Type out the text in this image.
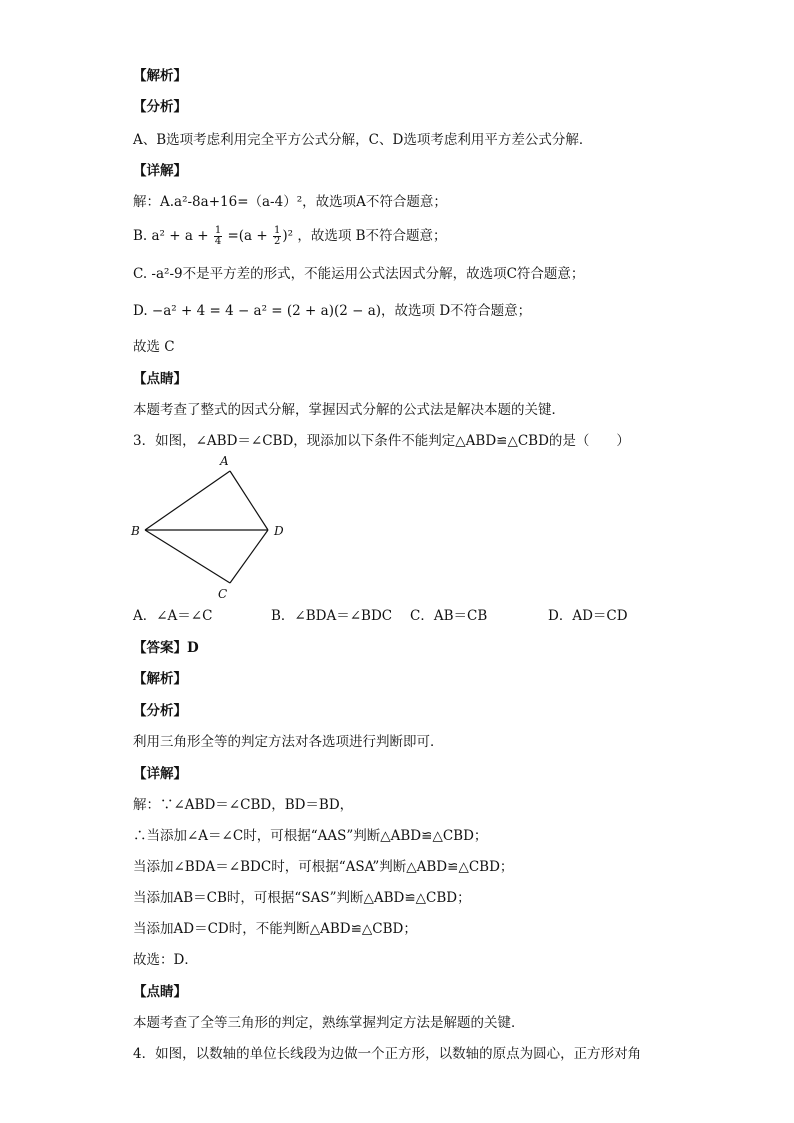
【解析】
【分析】
A、B选项考虑利用完全平方公式分解，C、D选项考虑利用平方差公式分解．
【详解】
解：A.a²-8a+16=（a-4）²，故选项A不符合题意；
B. $a^2 + a + \frac{1}{4} =(a + \frac{1}{2} )^2$ ，故选项 B不符合题意；
C. -a²-9不是平方差的形式，不能运用公式法因式分解，故选项C符合题意；
D. −a² + 4 = 4 − a² = (2 + a)(2 − a)，故选项 D不符合题意；
故选 C
【点睛】
本题考查了整式的因式分解，掌握因式分解的公式法是解决本题的关键．
3．如图，∠ABD＝∠CBD，现添加以下条件不能判定△ABD≌△CBD的是（　　）
A
B
C
D
A．∠A＝∠C	B．∠BDA＝∠BDC C．AB＝CB	D．AD＝CD
【答案】D
【解析】
【分析】
利用三角形全等的判定方法对各选项进行判断即可．
【详解】
解：∵∠ABD＝∠CBD，BD＝BD，
∴当添加∠A＝∠C时，可根据“AAS”判断△ABD≌△CBD；
当添加∠BDA＝∠BDC时，可根据“ASA”判断△ABD≌△CBD；
当添加AB＝CB时，可根据“SAS”判断△ABD≌△CBD；
当添加AD＝CD时，不能判断△ABD≌△CBD；
故选：D．
【点睛】
本题考查了全等三角形的判定，熟练掌握判定方法是解题的关键．
4．如图，以数轴的单位长线段为边做一个正方形，以数轴的原点为圆心，正方形对角
